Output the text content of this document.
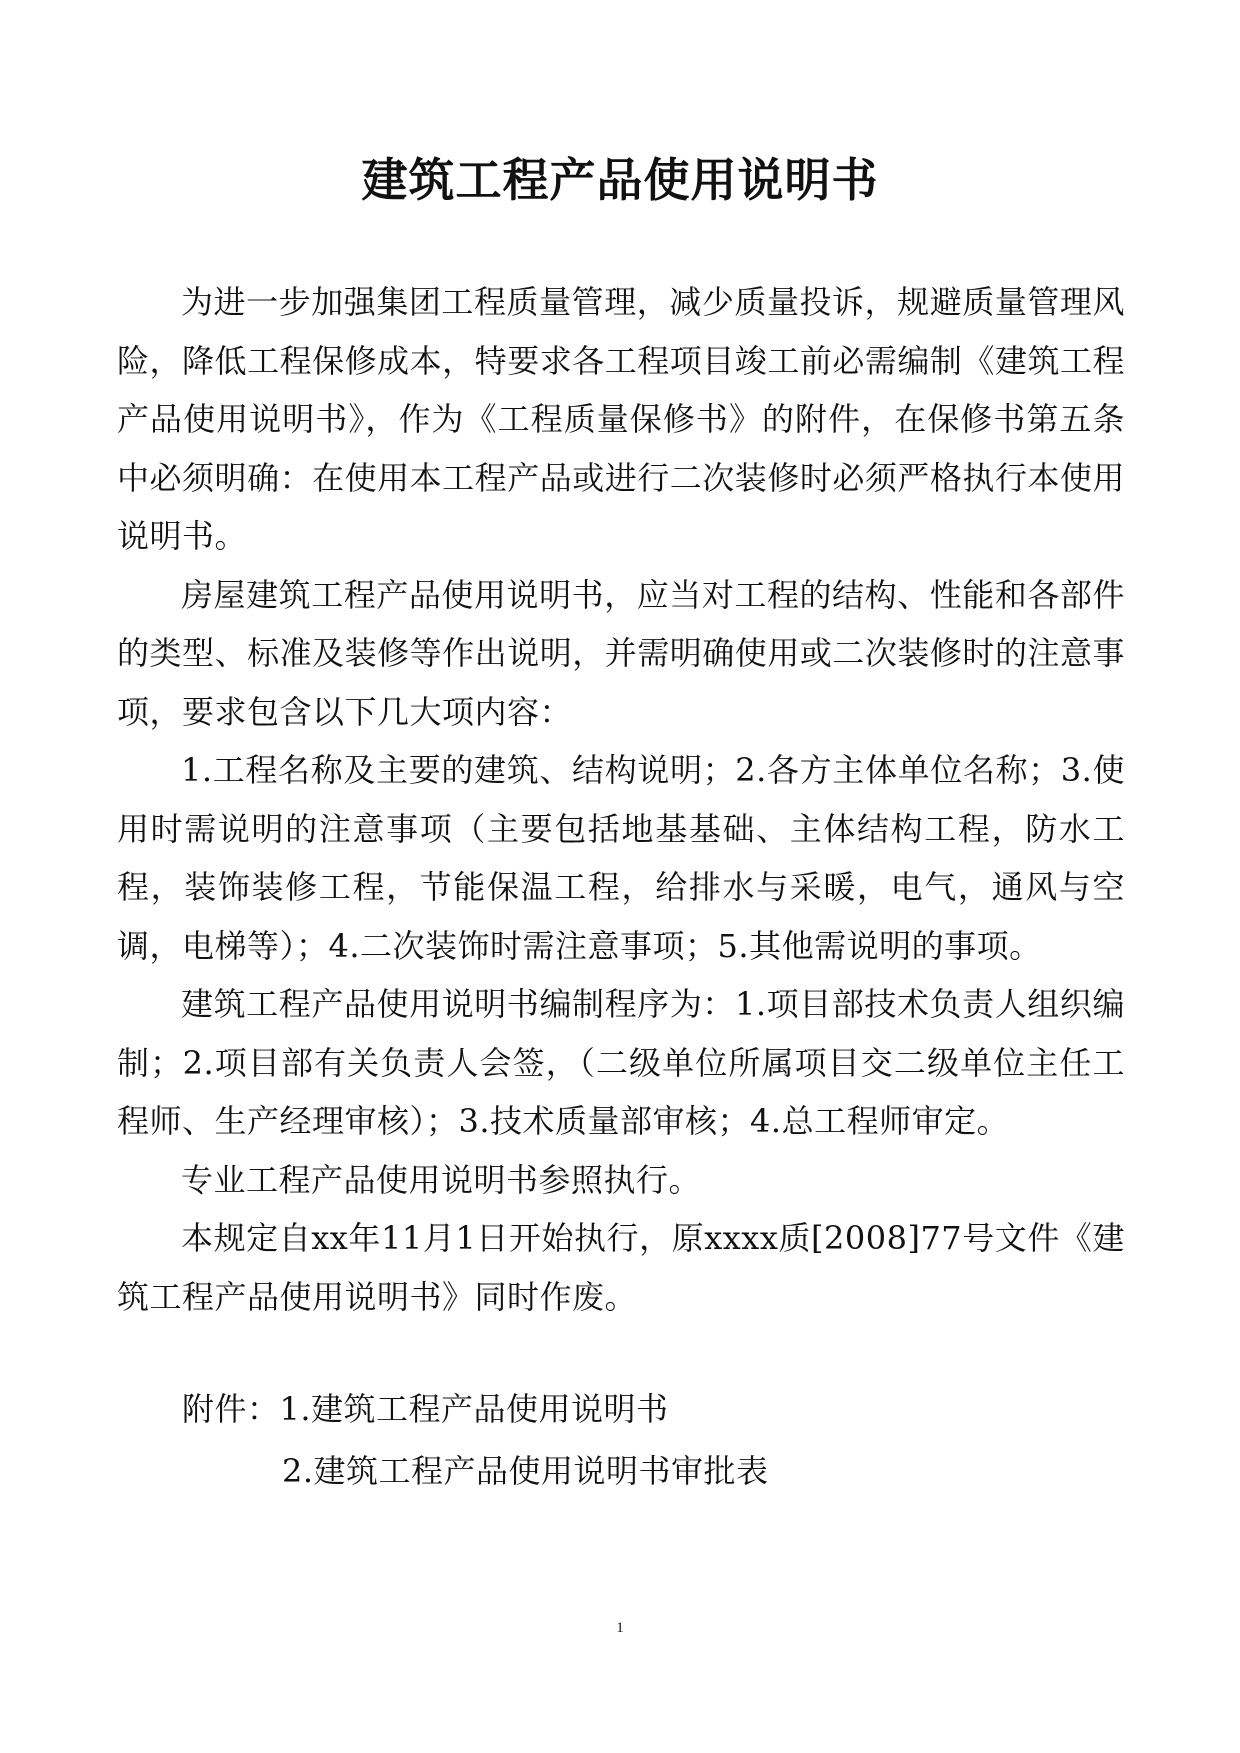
建筑工程产品使用说明书

为进一步加强集团工程质量管理，减少质量投诉，规避质量管理风险，降低工程保修成本，特要求各工程项目竣工前必需编制《建筑工程产品使用说明书》，作为《工程质量保修书》的附件，在保修书第五条中必须明确：在使用本工程产品或进行二次装修时必须严格执行本使用说明书。

房屋建筑工程产品使用说明书，应当对工程的结构、性能和各部件的类型、标准及装修等作出说明，并需明确使用或二次装修时的注意事项，要求包含以下几大项内容：

1.工程名称及主要的建筑、结构说明；2.各方主体单位名称；3.使用时需说明的注意事项（主要包括地基基础、主体结构工程，防水工程，装饰装修工程，节能保温工程，给排水与采暖，电气，通风与空调，电梯等）；4.二次装饰时需注意事项；5.其他需说明的事项。

建筑工程产品使用说明书编制程序为：1.项目部技术负责人组织编制；2.项目部有关负责人会签，（二级单位所属项目交二级单位主任工程师、生产经理审核）；3.技术质量部审核；4.总工程师审定。

专业工程产品使用说明书参照执行。

本规定自xx年11月1日开始执行，原xxxx质[2008]77号文件《建筑工程产品使用说明书》同时作废。

附件：1.建筑工程产品使用说明书
2.建筑工程产品使用说明书审批表
1
